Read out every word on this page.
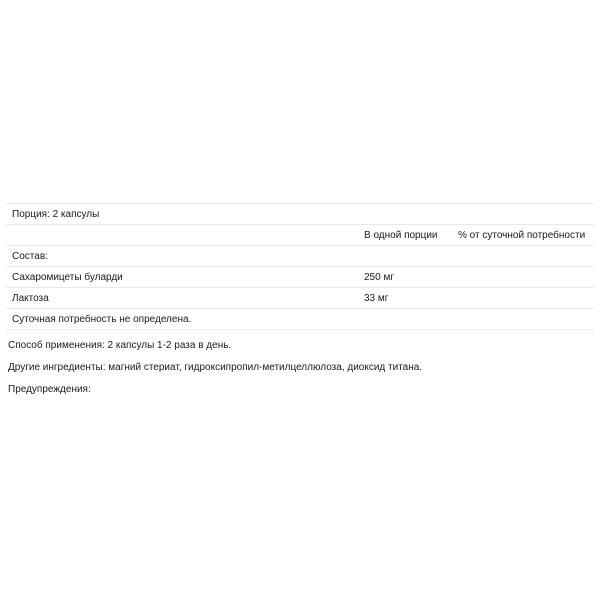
Порция: 2 капсулы		
	В одной порции	% от суточной потребности
Состав:		
Сахаромицеты буларди	250 мг	
Лактоза	33 мг	
Суточная потребность не определена.		
Способ применения: 2 капсулы 1-2 раза в день.
Другие ингредиенты: магний стериат, гидроксипропил-метилцеллюлоза, диоксид титана.
Предупреждения:
